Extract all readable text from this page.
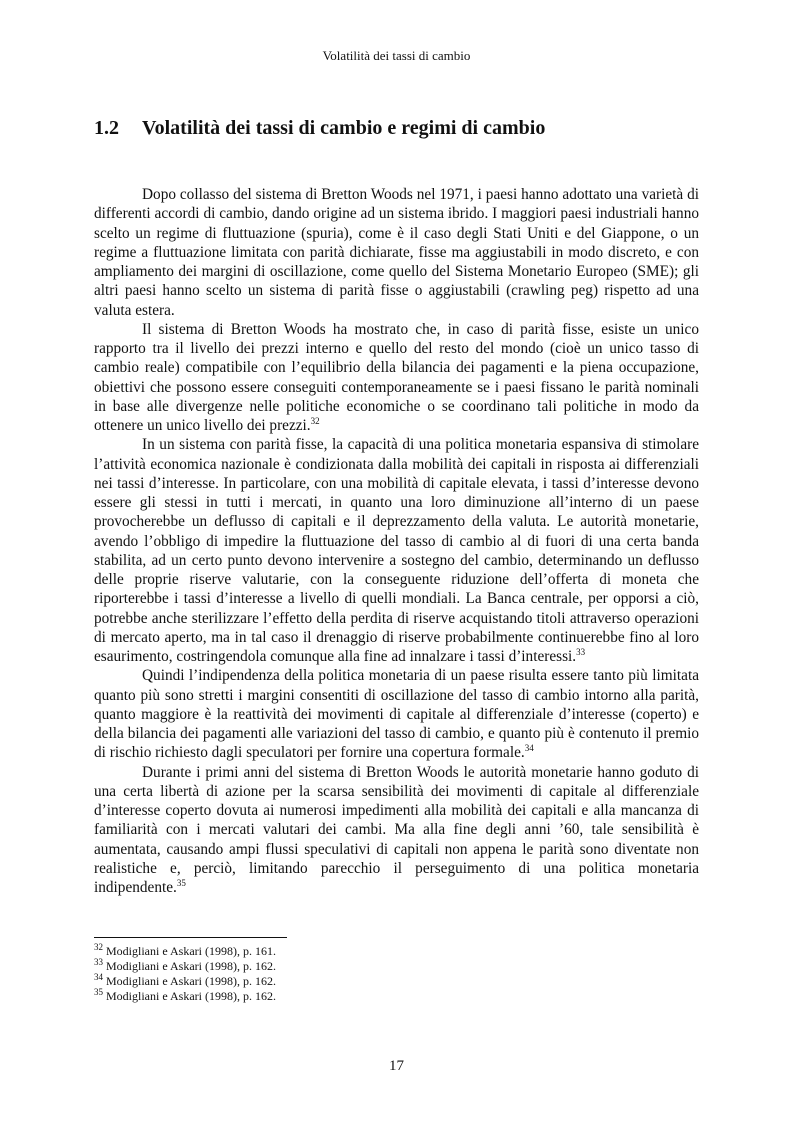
Volatilità dei tassi di cambio
1.2 Volatilità dei tassi di cambio e regimi di cambio

Dopo collasso del sistema di Bretton Woods nel 1971, i paesi hanno adottato una varietà di differenti accordi di cambio, dando origine ad un sistema ibrido. I maggiori paesi industriali hanno scelto un regime di fluttuazione (spuria), come è il caso degli Stati Uniti e del Giappone, o un regime a fluttuazione limitata con parità dichiarate, fisse ma aggiustabili in modo discreto, e con ampliamento dei margini di oscillazione, come quello del Sistema Monetario Europeo (SME); gli altri paesi hanno scelto un sistema di parità fisse o aggiustabili (crawling peg) rispetto ad una valuta estera.

Il sistema di Bretton Woods ha mostrato che, in caso di parità fisse, esiste un unico rapporto tra il livello dei prezzi interno e quello del resto del mondo (cioè un unico tasso di cambio reale) compatibile con l’equilibrio della bilancia dei pagamenti e la piena occupazione, obiettivi che possono essere conseguiti contemporaneamente se i paesi fissano le parità nominali in base alle divergenze nelle politiche economiche o se coordinano tali politiche in modo da ottenere un unico livello dei prezzi.$^{32}$

In un sistema con parità fisse, la capacità di una politica monetaria espansiva di stimolare l’attività economica nazionale è condizionata dalla mobilità dei capitali in risposta ai differenziali nei tassi d’interesse. In particolare, con una mobilità di capitale elevata, i tassi d’interesse devono essere gli stessi in tutti i mercati, in quanto una loro diminuzione all’interno di un paese provocherebbe un deflusso di capitali e il deprezzamento della valuta. Le autorità monetarie, avendo l’obbligo di impedire la fluttuazione del tasso di cambio al di fuori di una certa banda stabilita, ad un certo punto devono intervenire a sostegno del cambio, determinando un deflusso delle proprie riserve valutarie, con la conseguente riduzione dell’offerta di moneta che riporterebbe i tassi d’interesse a livello di quelli mondiali. La Banca centrale, per opporsi a ciò, potrebbe anche sterilizzare l’effetto della perdita di riserve acquistando titoli attraverso operazioni di mercato aperto, ma in tal caso il drenaggio di riserve probabilmente continuerebbe fino al loro esaurimento, costringendola comunque alla fine ad innalzare i tassi d’interessi.$^{33}$

Quindi l’indipendenza della politica monetaria di un paese risulta essere tanto più limitata quanto più sono stretti i margini consentiti di oscillazione del tasso di cambio intorno alla parità, quanto maggiore è la reattività dei movimenti di capitale al differenziale d’interesse (coperto) e della bilancia dei pagamenti alle variazioni del tasso di cambio, e quanto più è contenuto il premio di rischio richiesto dagli speculatori per fornire una copertura formale.$^{34}$

Durante i primi anni del sistema di Bretton Woods le autorità monetarie hanno goduto di una certa libertà di azione per la scarsa sensibilità dei movimenti di capitale al differenziale d’interesse coperto dovuta ai numerosi impedimenti alla mobilità dei capitali e alla mancanza di familiarità con i mercati valutari dei cambi. Ma alla fine degli anni ’60, tale sensibilità è aumentata, causando ampi flussi speculativi di capitali non appena le parità sono diventate non realistiche e, perciò, limitando parecchio il perseguimento di una politica monetaria indipendente.$^{35}$

$^{32}$ Modigliani e Askari (1998), p. 161.
$^{33}$ Modigliani e Askari (1998), p. 162.
$^{34}$ Modigliani e Askari (1998), p. 162.
$^{35}$ Modigliani e Askari (1998), p. 162.
17
